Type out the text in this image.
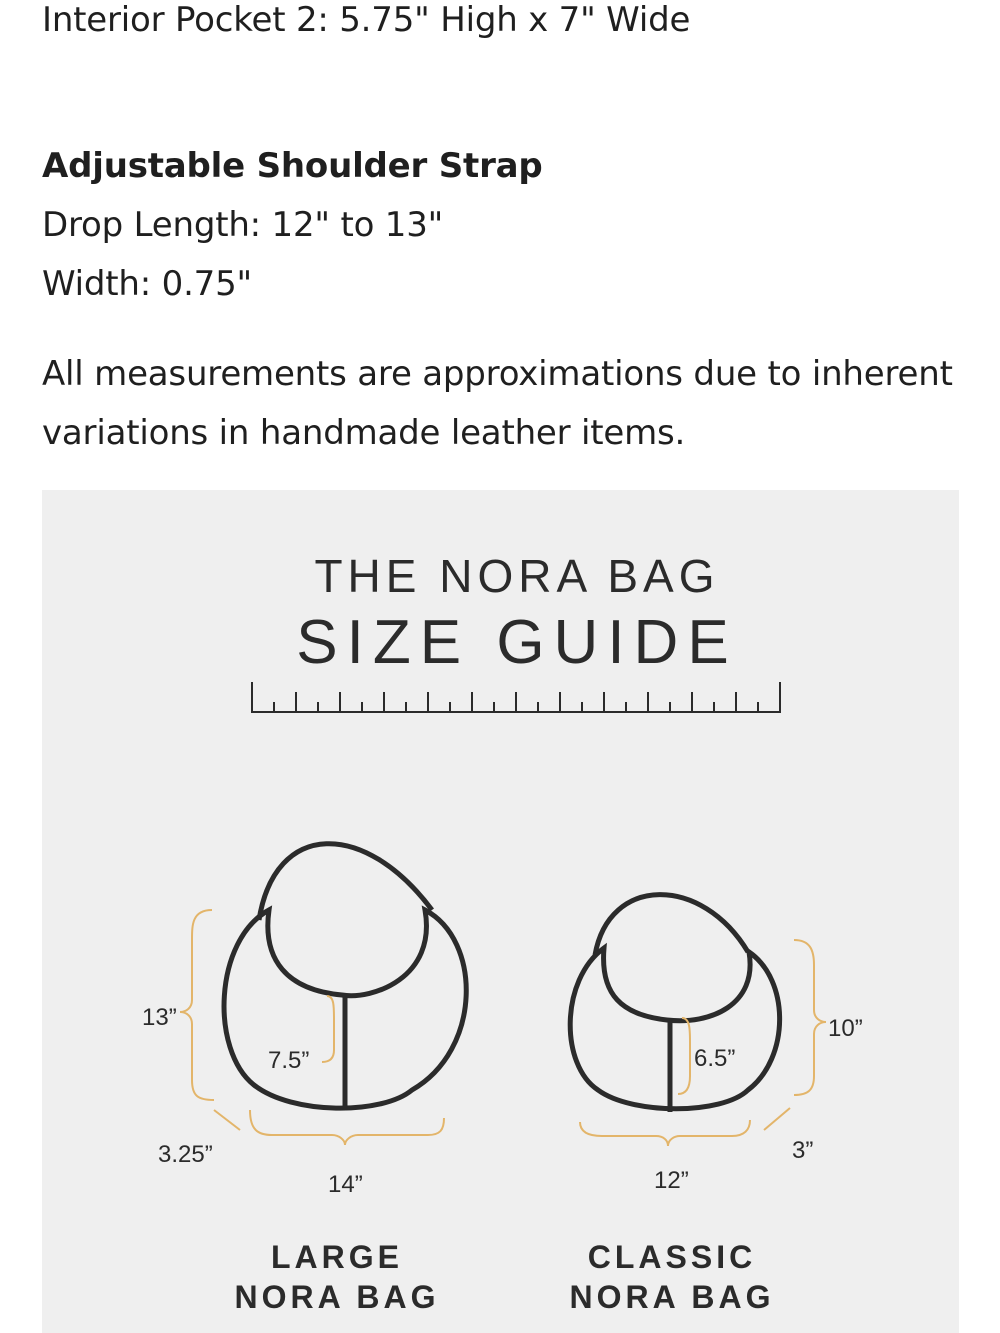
Interior Pocket 2: 5.75" High x 7" Wide
Adjustable Shoulder Strap
Drop Length: 12" to 13"
Width: 0.75"
All measurements are approximations due to inherent
variations in handmade leather items.
THE NORA BAG
SIZE GUIDE
13”
7.5”
3.25”
14”
LARGE
NORA BAG
10”
6.5”
3”
12”
CLASSIC
NORA BAG
